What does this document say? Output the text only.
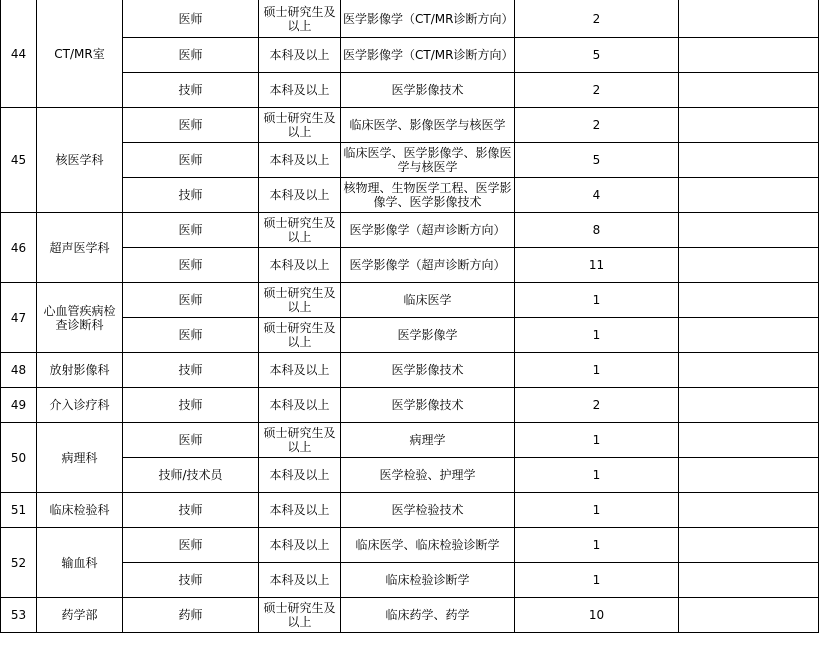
44	CT/MR室	医师	硕士研究生及以上	医学影像学（CT/MR诊断方向）	2	
		医师	本科及以上	医学影像学（CT/MR诊断方向）	5	
		技师	本科及以上	医学影像技术	2	
45	核医学科	医师	硕士研究生及以上	临床医学、影像医学与核医学	2	
		医师	本科及以上	临床医学、医学影像学、影像医学与核医学	5	
		技师	本科及以上	核物理、生物医学工程、医学影像学、医学影像技术	4	
46	超声医学科	医师	硕士研究生及以上	医学影像学（超声诊断方向）	8	
		医师	本科及以上	医学影像学（超声诊断方向）	11	
47	心血管疾病检查诊断科	医师	硕士研究生及以上	临床医学	1	
		医师	硕士研究生及以上	医学影像学	1	
48	放射影像科	技师	本科及以上	医学影像技术	1	
49	介入诊疗科	技师	本科及以上	医学影像技术	2	
50	病理科	医师	硕士研究生及以上	病理学	1	
		技师/技术员	本科及以上	医学检验、护理学	1	
51	临床检验科	技师	本科及以上	医学检验技术	1	
52	输血科	医师	本科及以上	临床医学、临床检验诊断学	1	
		技师	本科及以上	临床检验诊断学	1	
53	药学部	药师	硕士研究生及以上	临床药学、药学	10	
